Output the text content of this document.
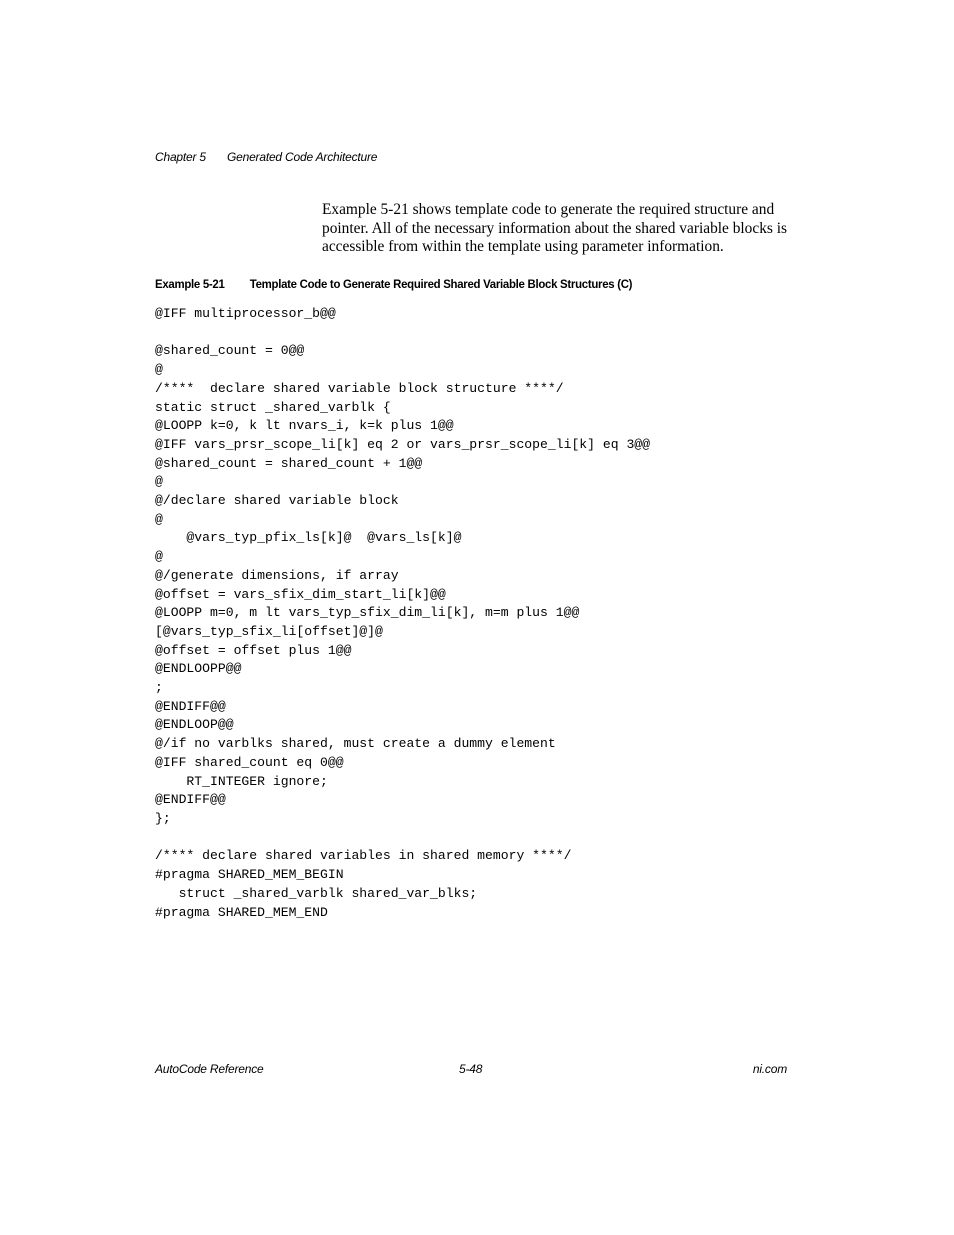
Chapter 5	Generated Code Architecture

Example 5-21 shows template code to generate the required structure and pointer. All of the necessary information about the shared variable blocks is accessible from within the template using parameter information.

Example 5-21 Template Code to Generate Required Shared Variable Block Structures (C)
@IFF multiprocessor_b@@

@shared_count = 0@@
@
/****  declare shared variable block structure ****/
static struct _shared_varblk {
@LOOPP k=0, k lt nvars_i, k=k plus 1@@
@IFF vars_prsr_scope_li[k] eq 2 or vars_prsr_scope_li[k] eq 3@@
@shared_count = shared_count + 1@@
@
@/declare shared variable block
@
@vars_typ_pfix_ls[k]@  @vars_ls[k]@
@
@/generate dimensions, if array
@offset = vars_sfix_dim_start_li[k]@@
@LOOPP m=0, m lt vars_typ_sfix_dim_li[k], m=m plus 1@@
[@vars_typ_sfix_li[offset]@]@
@offset = offset plus 1@@
@ENDLOOPP@@
;
@ENDIFF@@
@ENDLOOP@@
@/if no varblks shared, must create a dummy element
@IFF shared_count eq 0@@
RT_INTEGER ignore;
@ENDIFF@@
};

/**** declare shared variables in shared memory ****/
#pragma SHARED_MEM_BEGIN
struct _shared_varblk shared_var_blks;
#pragma SHARED_MEM_END
AutoCode Reference	5-48	ni.com
